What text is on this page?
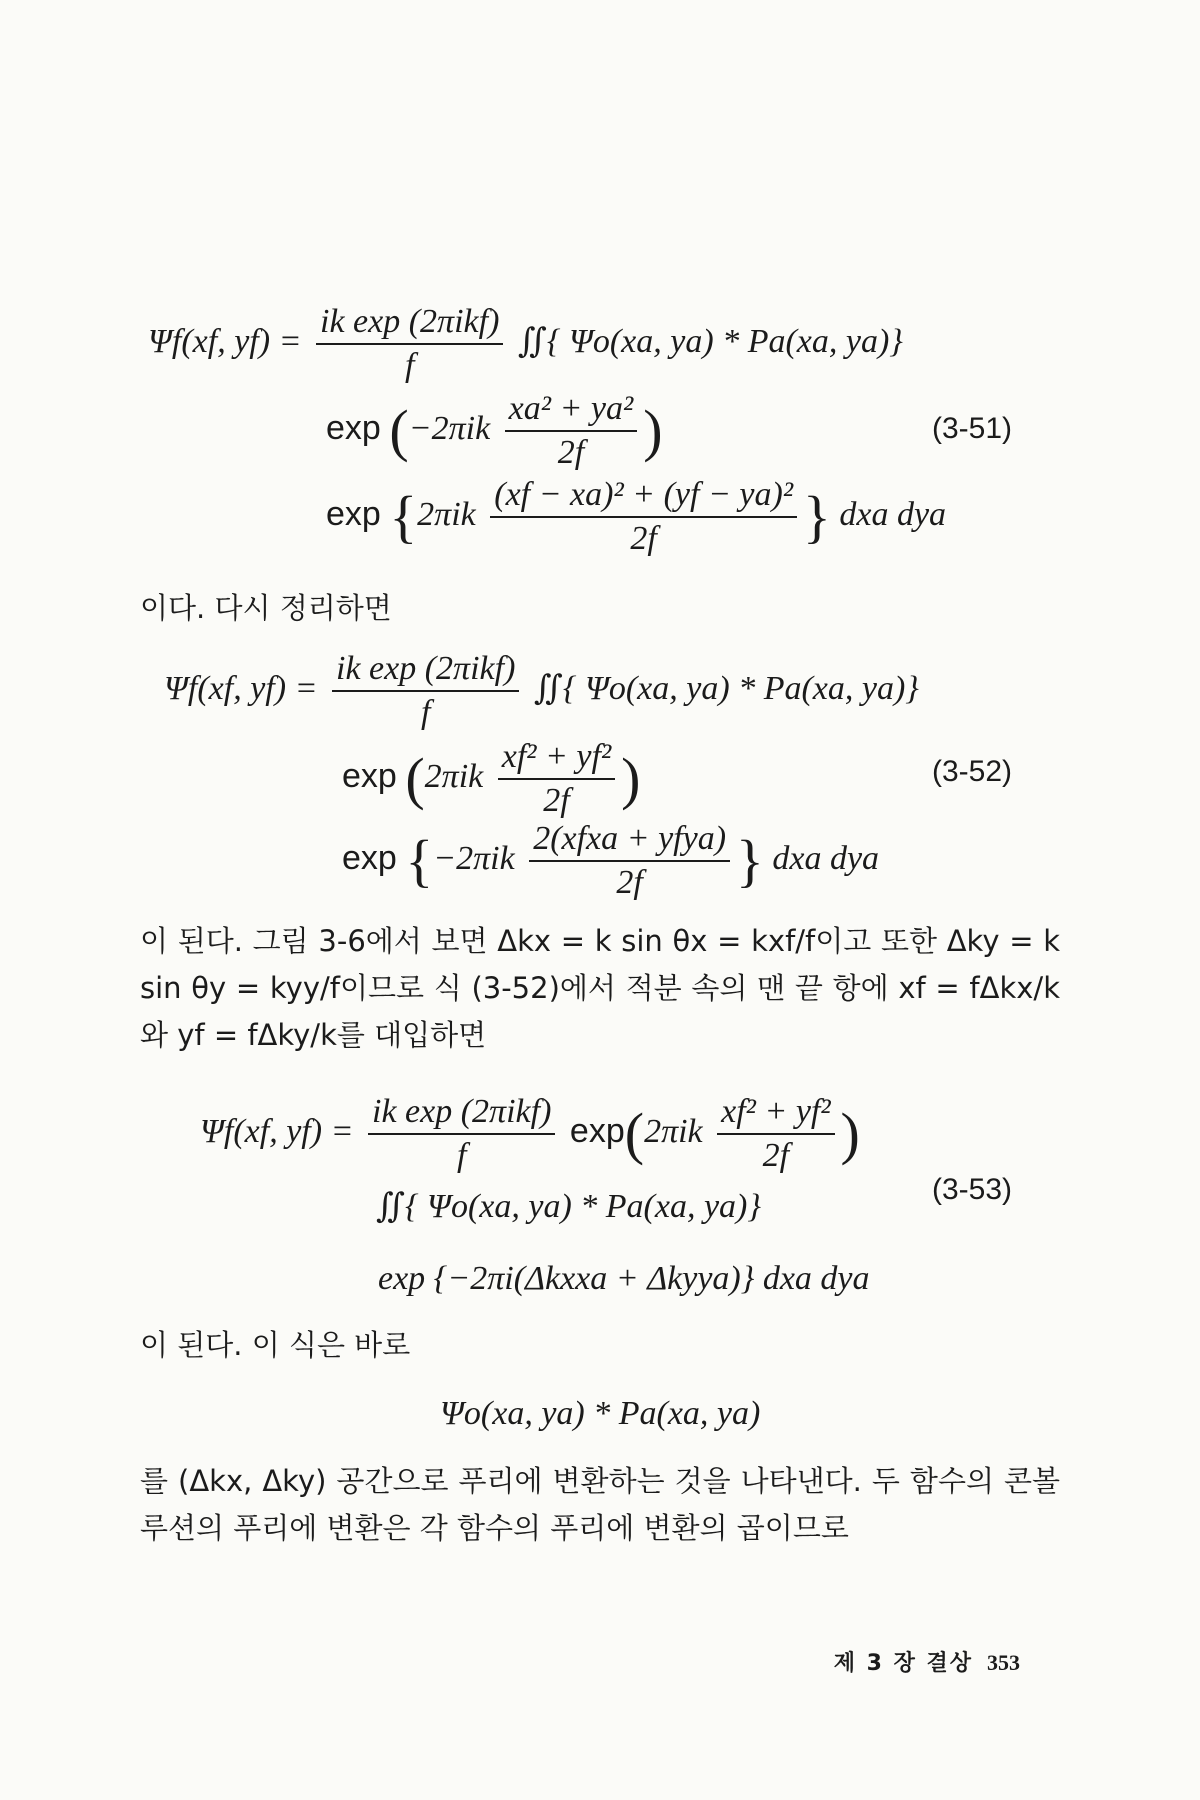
Ψf(xf, $yf) = \frac{\text{ik exp (2πikf)}}{f}$ ∬{ Ψo(xa, ya) * Pa(xa, ya)}
$\exp (-2\pi ik \frac{\text{xa² + ya²}}{2f}$ )	(3-51)
$\exp \{2\pi ik \frac{\text{(xf − xa)² + (yf − ya)²}}{2f}$ } dxa dya

이다. 다시 정리하면

Ψf(xf, $yf) = \frac{\text{ik exp (2πikf)}}{f}$ ∬{ Ψo(xa, ya) * Pa(xa, ya)}
$\exp (2\pi ik \frac{\text{xf² + yf²}}{2f}$ )	(3-52)
$\exp \{-2\pi ik \frac{\text{2(xfxa + yfya)}}{2f}$ } dxa dya

이 된다. 그림 3-6에서 보면 Δkx = k sin θx = kxf/f이고 또한 Δky = k sin θy = kyy/f이므로 식 (3-52)에서 적분 속의 맨 끝 항에 xf = fΔkx/k와 yf = fΔky/k를 대입하면

Ψf(xf, $yf) = \frac{\text{ik exp (2πikf)}}{f} \exp(2\pi ik \frac{\text{xf² + yf²}}{2f}$ )
∬{ Ψo(xa, ya) * Pa(xa, ya)}	(3-53)
exp {−2πi(Δkxxa + Δkyya)} dxa dya

이 된다. 이 식은 바로

Ψo(xa, ya) * Pa(xa, ya)

를 (Δkx, Δky) 공간으로 푸리에 변환하는 것을 나타낸다. 두 함수의 콘볼루션의 푸리에 변환은 각 함수의 푸리에 변환의 곱이므로

제 3 장 결상 353
